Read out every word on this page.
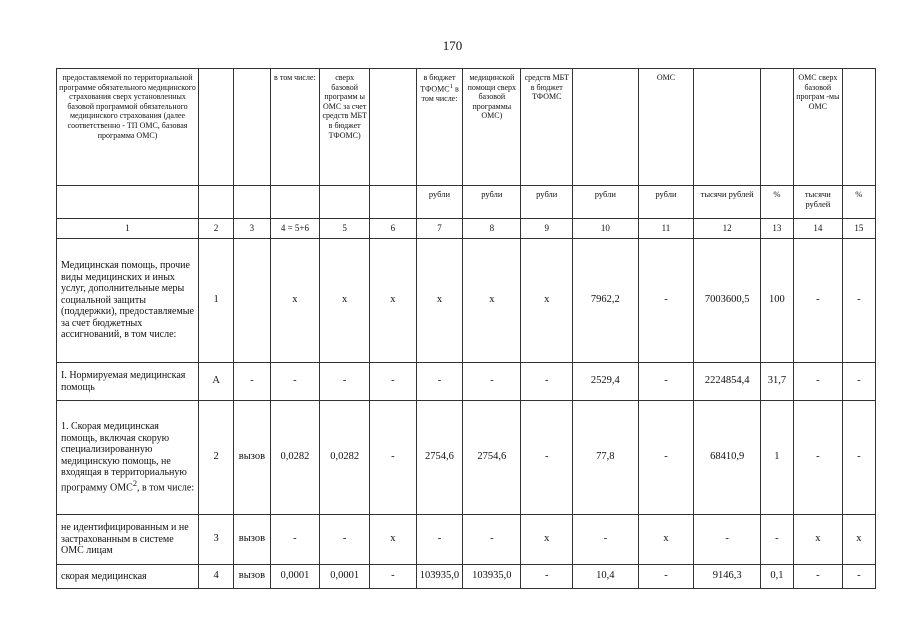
170
предоставляемой по территориальной программе обязательного медицинского страхования сверх установленных базовой программой обязательного медицинского страхования (далее соответственно - ТП ОМС, базовая программа ОМС)			в том числе:	сверх базовой программ ы ОМС за счет средств МБТ в бюджет ТФОМС)		в бюджет ТФОМС$^1$ в том числе:	медицинской помощи сверх базовой программы ОМС)	средств МБТ в бюджет ТФОМС		ОМС			ОМС сверх базовой програм -мы ОМС	
						рубли	рубли	рубли	рубли	рубли	тысячи рублей	%	тысячи рублей	%
1	2	3	4 = 5+6	5	6	7	8	9	10	11	12	13	14	15
Медицинская помощь, прочие виды медицинских и иных услуг, дополнительные меры социальной защиты (поддержки), предоставляемые за счет бюджетных ассигнований, в том числе:	1		х	х	х	х	х	х	7962,2	-	7003600,5	100	-	-
I. Нормируемая медицинская помощь	А	-	-	-	-	-	-	-	2529,4	-	2224854,4	31,7	-	-
1. Скорая медицинская помощь, включая скорую специализированную медицинскую помощь, не входящая в территориальную программу ОМС$^2$, в том числе:	2	вызов	0,0282	0,0282	-	2754,6	2754,6	-	77,8	-	68410,9	1	-	-
не идентифицированным и не застрахованным в системе ОМС лицам	3	вызов	-	-	х	-	-	х	-	х	-	-	х	х
скорая медицинская	4	вызов	0,0001	0,0001	-	103935,0	103935,0	-	10,4	-	9146,3	0,1	-	-
